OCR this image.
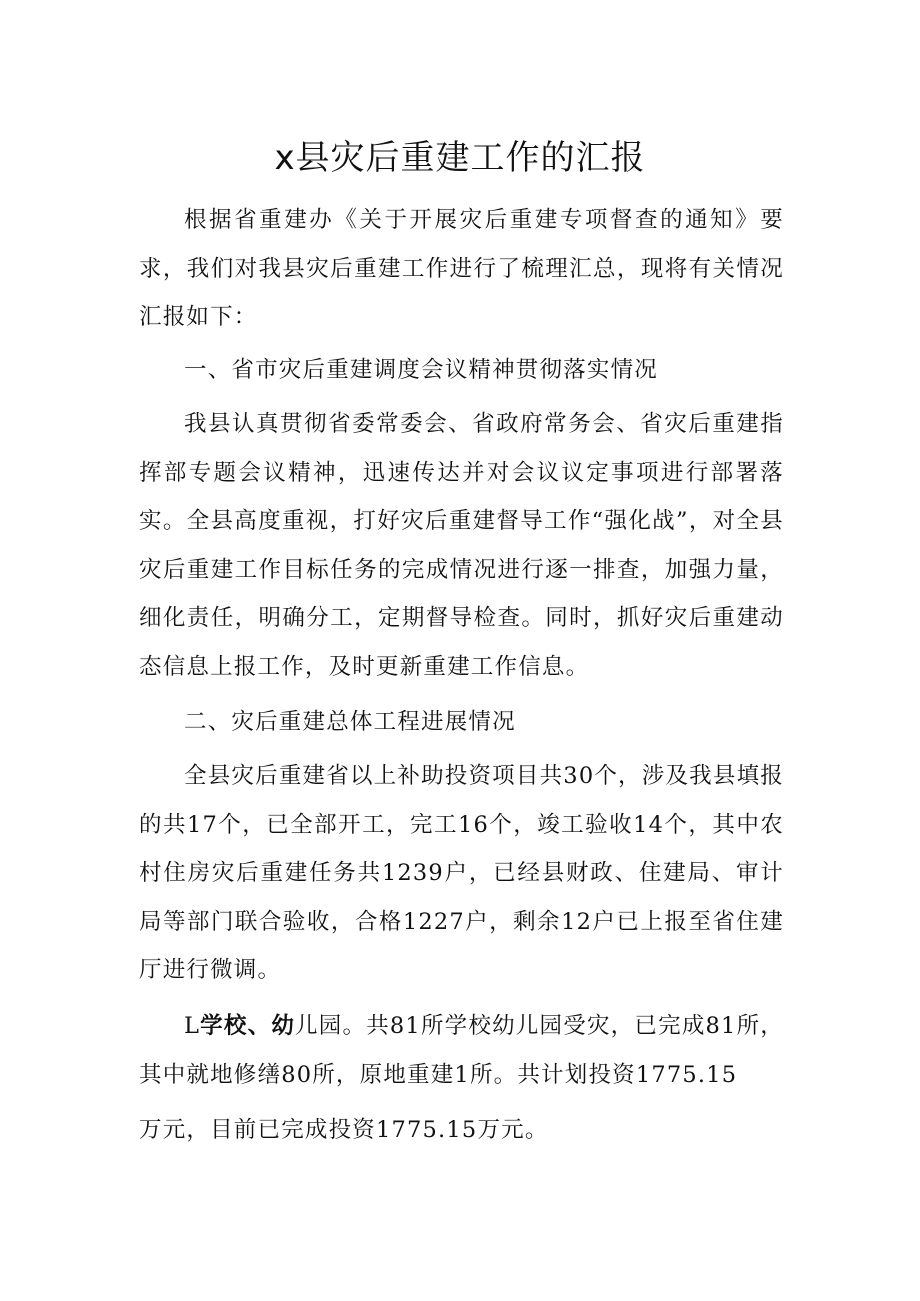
x县灾后重建工作的汇报

根据省重建办《关于开展灾后重建专项督查的通知》要求，我们对我县灾后重建工作进行了梳理汇总，现将有关情况汇报如下：

一、省市灾后重建调度会议精神贯彻落实情况

我县认真贯彻省委常委会、省政府常务会、省灾后重建指挥部专题会议精神，迅速传达并对会议议定事项进行部署落实。全县高度重视，打好灾后重建督导工作“强化战”，对全县灾后重建工作目标任务的完成情况进行逐一排查，加强力量，细化责任，明确分工，定期督导检查。同时，抓好灾后重建动态信息上报工作，及时更新重建工作信息。

二、灾后重建总体工程进展情况

全县灾后重建省以上补助投资项目共30个，涉及我县填报的共17个，已全部开工，完工16个，竣工验收14个，其中农村住房灾后重建任务共1239户，已经县财政、住建局、审计局等部门联合验收，合格1227户，剩余12户已上报至省住建厅进行微调。

L学校、幼儿园。共81所学校幼儿园受灾，已完成81所，其中就地修缮80所，原地重建1所。共计划投资1775.15

万元，目前已完成投资1775.15万元。
